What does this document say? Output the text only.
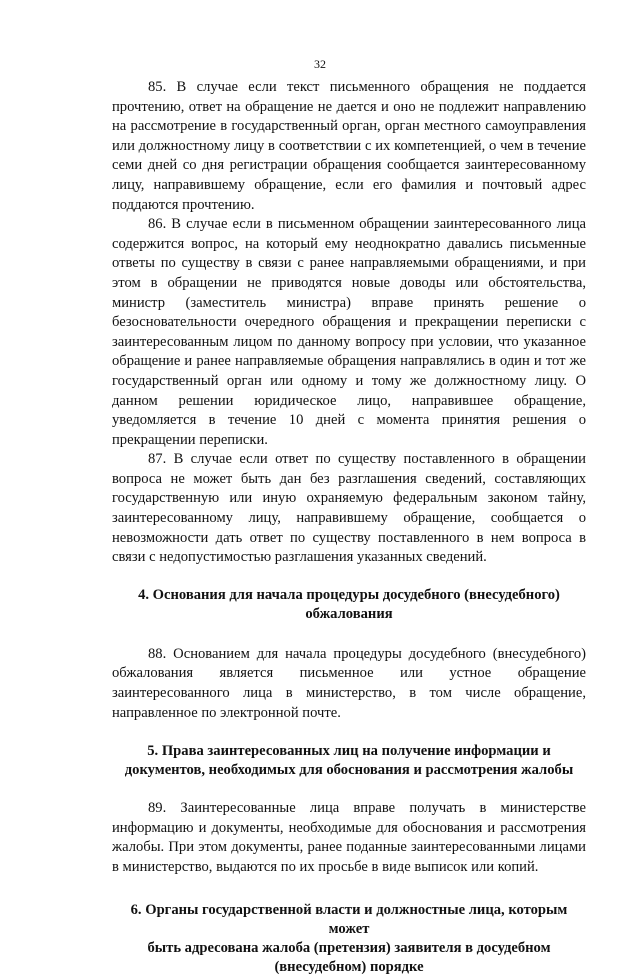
32

85. В случае если текст письменного обращения не поддается прочтению, ответ на обращение не дается и оно не подлежит направлению на рассмотрение в государственный орган, орган местного самоуправления или должностному лицу в соответствии с их компетенцией, о чем в течение семи дней со дня регистрации обращения сообщается заинтересованному лицу, направившему обращение, если его фамилия и почтовый адрес поддаются прочтению.

86. В случае если в письменном обращении заинтересованного лица содержится вопрос, на который ему неоднократно давались письменные ответы по существу в связи с ранее направляемыми обращениями, и при этом в обращении не приводятся новые доводы или обстоятельства, министр (заместитель министра) вправе принять решение о безосновательности очередного обращения и прекращении переписки с заинтересованным лицом по данному вопросу при условии, что указанное обращение и ранее направляемые обращения направлялись в один и тот же государственный орган или одному и тому же должностному лицу. О данном решении юридическое лицо, направившее обращение, уведомляется в течение 10 дней с момента принятия решения о прекращении переписки.

87. В случае если ответ по существу поставленного в обращении вопроса не может быть дан без разглашения сведений, составляющих государственную или иную охраняемую федеральным законом тайну, заинтересованному лицу, направившему обращение, сообщается о невозможности дать ответ по существу поставленного в нем вопроса в связи с недопустимостью разглашения указанных сведений.

4. Основания для начала процедуры досудебного (внесудебного)
обжалования

88. Основанием для начала процедуры досудебного (внесудебного) обжалования является письменное или устное обращение заинтересованного лица в министерство, в том числе обращение, направленное по электронной почте.

5. Права заинтересованных лиц на получение информации и
документов, необходимых для обоснования и рассмотрения жалобы

89. Заинтересованные лица вправе получать в министерстве информацию и документы, необходимые для обоснования и рассмотрения жалобы. При этом документы, ранее поданные заинтересованными лицами в министерство, выдаются по их просьбе в виде выписок или копий.

6. Органы государственной власти и должностные лица, которым может
быть адресована жалоба (претензия) заявителя в досудебном
(внесудебном) порядке
